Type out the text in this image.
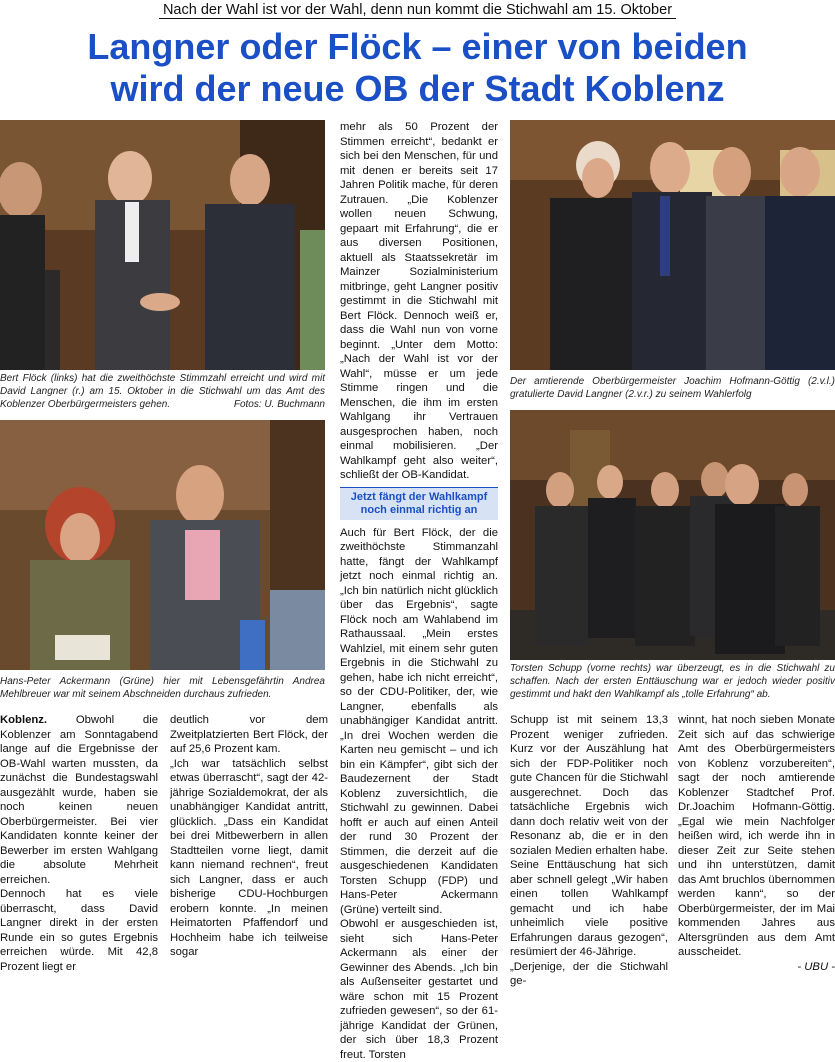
Nach der Wahl ist vor der Wahl, denn nun kommt die Stichwahl am 15. Oktober
Langner oder Flöck – einer von beiden
wird der neue OB der Stadt Koblenz
Bert Flöck (links) hat die zweithöchste Stimmzahl erreicht und wird mit David Langner (r.) am 15. Oktober in die Stichwahl um das Amt des Koblenzer Oberbürgermeisters gehen.	Fotos: U. Buchmann
Hans-Peter Ackermann (Grüne) hier mit Lebensgefährtin Andrea Mehlbreuer war mit seinem Abschneiden durchaus zufrieden.
Der amtierende Oberbürgermeister Joachim Hofmann-Göttig (2.v.l.) gratulierte David Langner (2.v.r.) zu seinem Wahlerfolg
Torsten Schupp (vorne rechts) war überzeugt, es in die Stichwahl zu schaffen. Nach der ersten Enttäuschung war er jedoch wieder positiv gestimmt und hakt den Wahlkampf als „tolle Erfahrung“ ab.

mehr als 50 Prozent der Stimmen erreicht“, bedankt er sich bei den Menschen, für und mit denen er bereits seit 17 Jahren Politik mache, für deren Zutrauen. „Die Koblenzer wollen neuen Schwung, gepaart mit Erfahrung“, die er aus diversen Positionen, aktuell als Staatssekretär im Mainzer Sozialministerium mitbringe, geht Langner positiv gestimmt in die Stichwahl mit Bert Flöck. Dennoch weiß er, dass die Wahl nun von vorne beginnt. „Unter dem Motto: „Nach der Wahl ist vor der Wahl“, müsse er um jede Stimme ringen und die Menschen, die ihm im ersten Wahlgang ihr Vertrauen ausgesprochen haben, noch einmal mobilisieren. „Der Wahlkampf geht also weiter“, schließt der OB-Kandidat.

Jetzt fängt der Wahlkampf
noch einmal richtig an

Auch für Bert Flöck, der die zweithöchste Stimmanzahl hatte, fängt der Wahlkampf jetzt noch einmal richtig an. „Ich bin natürlich nicht glücklich über das Ergebnis“, sagte Flöck noch am Wahlabend im Rathaussaal. „Mein erstes Wahlziel, mit einem sehr guten Ergebnis in die Stichwahl zu gehen, habe ich nicht erreicht“, so der CDU-Politiker, der, wie Langner, ebenfalls als unabhängiger Kandidat antritt. „In drei Wochen werden die Karten neu gemischt – und ich bin ein Kämpfer“, gibt sich der Baudezernent der Stadt Koblenz zuversichtlich, die Stichwahl zu gewinnen. Dabei hofft er auch auf einen Anteil der rund 30 Prozent der Stimmen, die derzeit auf die ausgeschiedenen Kandidaten Torsten Schupp (FDP) und Hans-Peter Ackermann (Grüne) verteilt sind.

Obwohl er ausgeschieden ist, sieht sich Hans-Peter Ackermann als einer der Gewinner des Abends. „Ich bin als Außenseiter gestartet und wäre schon mit 15 Prozent zufrieden gewesen“, so der 61-jährige Kandidat der Grünen, der sich über 18,3 Prozent freut. Torsten

Koblenz.	Obwohl die Koblenzer am Sonntagabend lange auf die Ergebnisse der OB-Wahl warten mussten, da zunächst die Bundestagswahl ausgezählt wurde, haben sie noch keinen neuen Oberbürgermeister. Bei vier Kandidaten konnte keiner der Bewerber im ersten Wahlgang die absolute Mehrheit erreichen.

Dennoch hat es viele überrascht, dass David Langner direkt in der ersten Runde ein so gutes Ergebnis erreichen würde. Mit 42,8 Prozent liegt er

deutlich vor dem Zweitplatzierten Bert Flöck, der auf 25,6 Prozent kam.

„Ich war tatsächlich selbst etwas überrascht“, sagt der 42-jährige Sozialdemokrat, der als unabhängiger Kandidat antritt, glücklich. „Dass ein Kandidat bei drei Mitbewerbern in allen Stadtteilen vorne liegt, damit kann niemand rechnen“, freut sich Langner, dass er auch bisherige CDU-Hochburgen erobern konnte. „In meinen Heimatorten Pfaffendorf und Hochheim habe ich teilweise sogar

Schupp ist mit seinem 13,3 Prozent weniger zufrieden. Kurz vor der Auszählung hat sich der FDP-Politiker noch gute Chancen für die Stichwahl ausgerechnet. Doch das tatsächliche Ergebnis wich dann doch relativ weit von der Resonanz ab, die er in den sozialen Medien erhalten habe. Seine Enttäuschung hat sich aber schnell gelegt „Wir haben einen tollen Wahlkampf gemacht und ich habe unheimlich viele positive Erfahrungen daraus gezogen“, resümiert der 46-Jährige.

„Derjenige, der die Stichwahl ge-

winnt, hat noch sieben Monate Zeit sich auf das schwierige Amt des Oberbürgermeisters von Koblenz vorzubereiten“, sagt der noch amtierende Koblenzer Stadtchef Prof. Dr.Joachim Hofmann-Göttig. „Egal wie mein Nachfolger heißen wird, ich werde ihn in dieser Zeit zur Seite stehen und ihn unterstützen, damit das Amt bruchlos übernommen werden kann“, so der Oberbürgermeister, der im Mai kommenden Jahres aus Altersgründen aus dem Amt ausscheidet.

- UBU -
